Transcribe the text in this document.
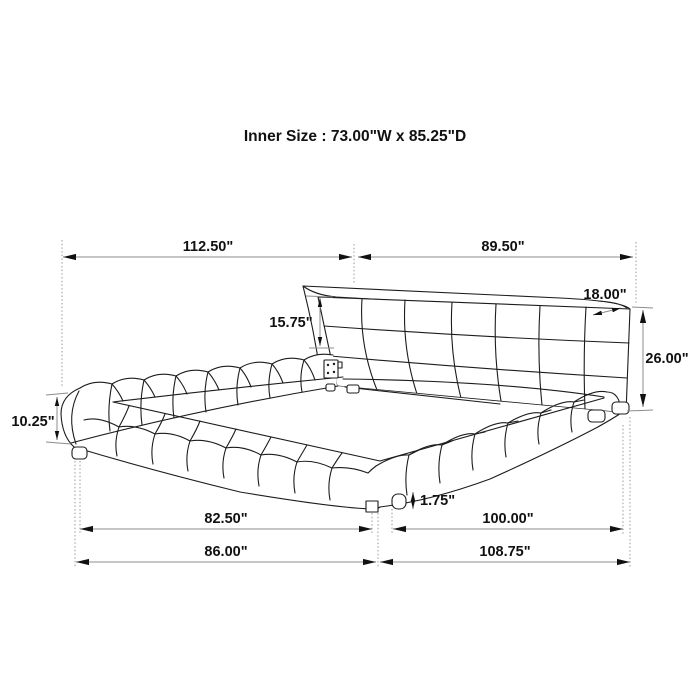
Inner Size : 73.00"W x 85.25"D
112.50"	89.50"
18.00"
26.00"
15.75"
10.25"
1.75"
82.50"	100.00"
86.00"	108.75"
